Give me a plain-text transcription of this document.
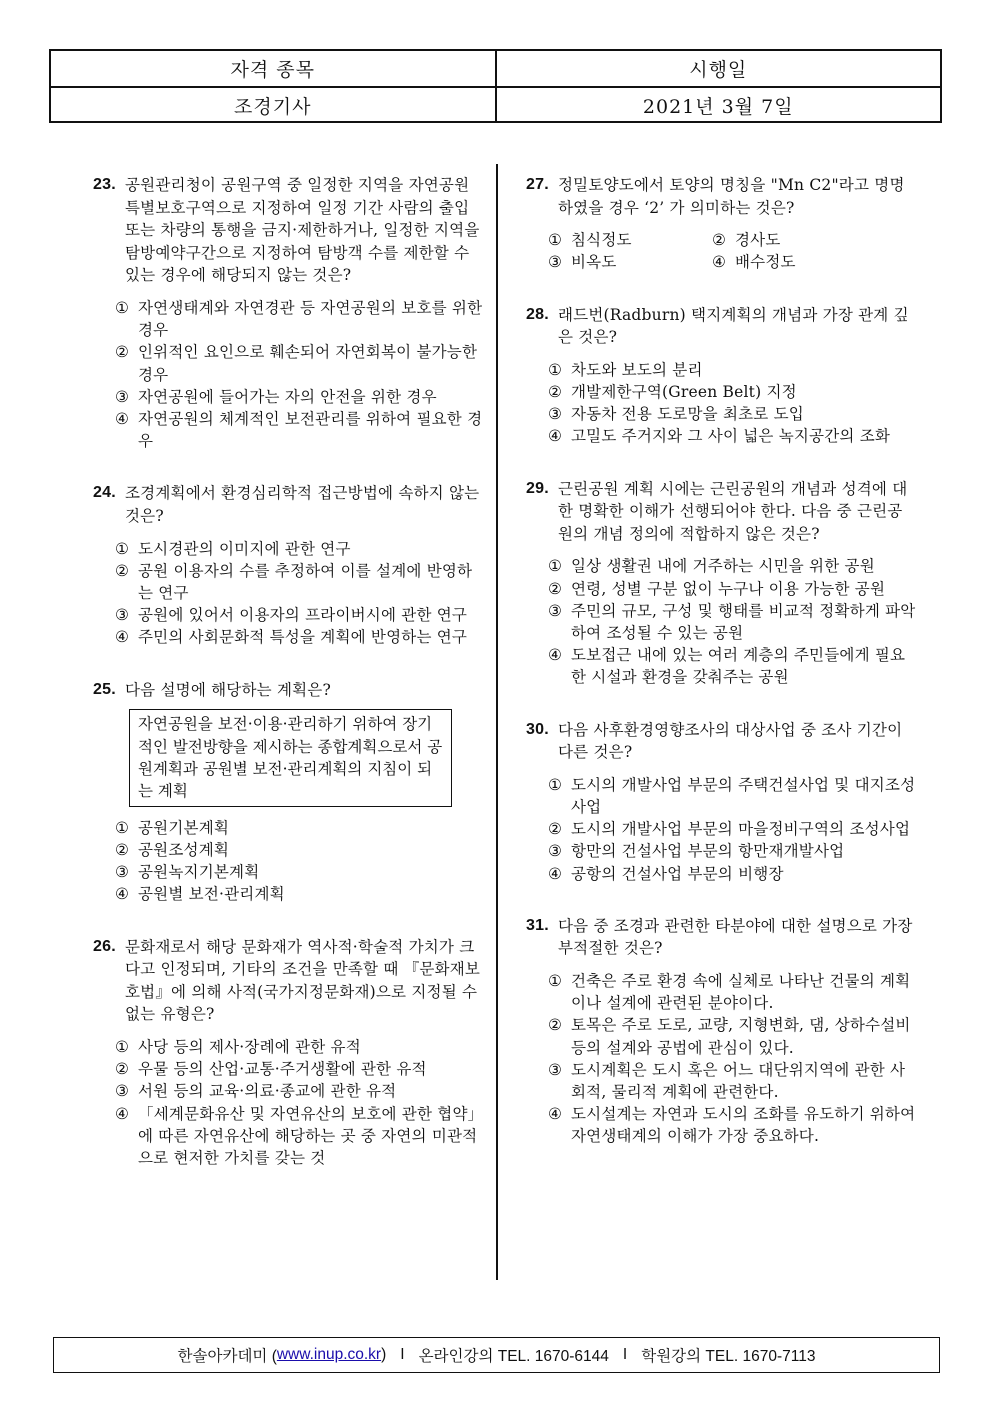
자격 종목	시행일
조경기사	2021년 3월 7일
23. 공원관리청이 공원구역 중 일정한 지역을 자연공원특별보호구역으로 지정하여 일정 기간 사람의 출입 또는 차량의 통행을 금지·제한하거나, 일정한 지역을 탐방예약구간으로 지정하여 탐방객 수를 제한할 수 있는 경우에 해당되지 않는 것은?
① 자연생태계와 자연경관 등 자연공원의 보호를 위한 경우
② 인위적인 요인으로 훼손되어 자연회복이 불가능한 경우
③ 자연공원에 들어가는 자의 안전을 위한 경우
④ 자연공원의 체계적인 보전관리를 위하여 필요한 경우
24. 조경계획에서 환경심리학적 접근방법에 속하지 않는 것은?
① 도시경관의 이미지에 관한 연구
② 공원 이용자의 수를 추정하여 이를 설계에 반영하는 연구
③ 공원에 있어서 이용자의 프라이버시에 관한 연구
④ 주민의 사회문화적 특성을 계획에 반영하는 연구
25. 다음 설명에 해당하는 계획은?
자연공원을 보전·이용·관리하기 위하여 장기적인 발전방향을 제시하는 종합계획으로서 공원계획과 공원별 보전·관리계획의 지침이 되는 계획
① 공원기본계획
② 공원조성계획
③ 공원녹지기본계획
④ 공원별 보전·관리계획
26. 문화재로서 해당 문화재가 역사적·학술적 가치가 크다고 인정되며, 기타의 조건을 만족할 때 『문화재보호법』에 의해 사적(국가지정문화재)으로 지정될 수 없는 유형은?
① 사당 등의 제사·장례에 관한 유적
② 우물 등의 산업·교통·주거생활에 관한 유적
③ 서원 등의 교육·의료·종교에 관한 유적
④ 「세계문화유산 및 자연유산의 보호에 관한 협약」에 따른 자연유산에 해당하는 곳 중 자연의 미관적으로 현저한 가치를 갖는 것
27. 정밀토양도에서 토양의 명칭을 "Mn C2"라고 명명하였을 경우 ‘2’ 가 의미하는 것은?
① 침식정도	② 경사도
③ 비옥도	④ 배수정도
28. 래드번(Radburn) 택지계획의 개념과 가장 관계 깊은 것은?
① 차도와 보도의 분리
② 개발제한구역(Green Belt) 지정
③ 자동차 전용 도로망을 최초로 도입
④ 고밀도 주거지와 그 사이 넓은 녹지공간의 조화
29. 근린공원 계획 시에는 근린공원의 개념과 성격에 대한 명확한 이해가 선행되어야 한다. 다음 중 근린공원의 개념 정의에 적합하지 않은 것은?
① 일상 생활권 내에 거주하는 시민을 위한 공원
② 연령, 성별 구분 없이 누구나 이용 가능한 공원
③ 주민의 규모, 구성 및 행태를 비교적 정확하게 파악하여 조성될 수 있는 공원
④ 도보접근 내에 있는 여러 계층의 주민들에게 필요한 시설과 환경을 갖춰주는 공원
30. 다음 사후환경영향조사의 대상사업 중 조사 기간이 다른 것은?
① 도시의 개발사업 부문의 주택건설사업 및 대지조성사업
② 도시의 개발사업 부문의 마을정비구역의 조성사업
③ 항만의 건설사업 부문의 항만재개발사업
④ 공항의 건설사업 부문의 비행장
31. 다음 중 조경과 관련한 타분야에 대한 설명으로 가장 부적절한 것은?
① 건축은 주로 환경 속에 실체로 나타난 건물의 계획이나 설계에 관련된 분야이다.
② 토목은 주로 도로, 교량, 지형변화, 댐, 상하수설비 등의 설계와 공법에 관심이 있다.
③ 도시계획은 도시 혹은 어느 대단위지역에 관한 사회적, 물리적 계획에 관련한다.
④ 도시설계는 자연과 도시의 조화를 유도하기 위하여 자연생태계의 이해가 가장 중요하다.
한솔아카데미 ( www.inup.co.kr ) I 온라인강의 TEL. 1670-6144 I 학원강의 TEL. 1670-7113
